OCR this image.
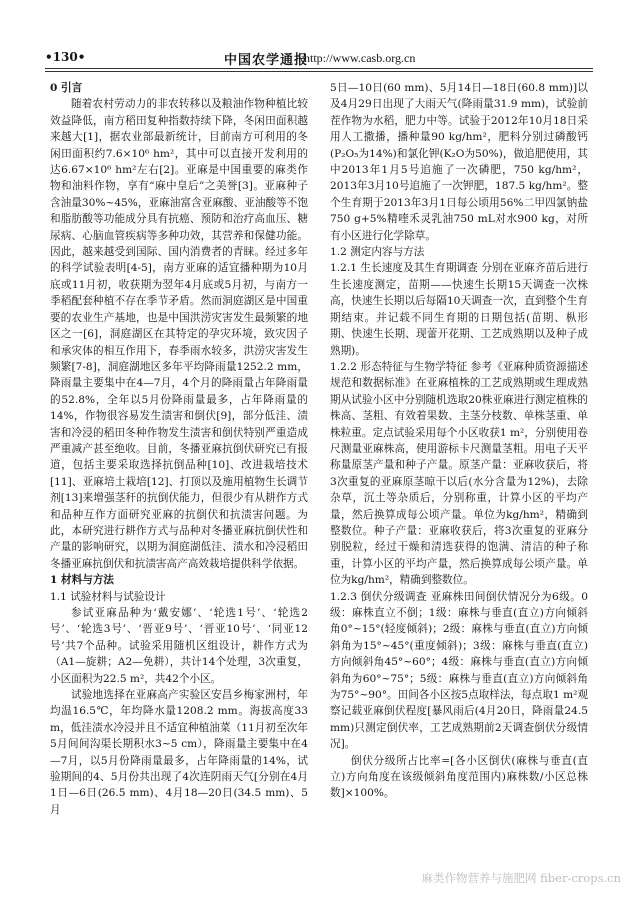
•130•	中国农学通报
http://www.casb.org.cn

0 引言

随着农村劳动力的非农转移以及粮油作物种植比较效益降低，南方稻田复种指数持续下降，冬闲田面积越来越大[1]，据农业部最新统计，目前南方可利用的冬闲田面积约7.6×10⁶ hm²，其中可以直接开发利用的达6.67×10⁶ hm²左右[2]。亚麻是中国重要的麻类作物和油料作物，享有“麻中皇后”之美誉[3]。亚麻种子含油量30%~45%，亚麻油富含亚麻酸、亚油酸等不饱和脂肪酸等功能成分具有抗癌、预防和治疗高血压、糖尿病、心脑血管疾病等多种功效，其营养和保健功能。因此，越来越受到国际、国内消费者的青睐。经过多年的科学试验表明[4-5]，南方亚麻的适宜播种期为10月底或11月初，收获期为翌年4月底或5月初，与南方一季稻配套种植不存在季节矛盾。然而洞庭湖区是中国重要的农业生产基地，也是中国洪涝灾害发生最频繁的地区之一[6]，洞庭湖区在其特定的孕灾环境，致灾因子和承灾体的相互作用下，春季雨水较多，洪涝灾害发生频繁[7-8]，洞庭湖地区多年平均降雨量1252.2 mm，降雨量主要集中在4—7月，4个月的降雨量占年降雨量的52.8%，全年以5月份降雨量最多，占年降雨量的14%，作物很容易发生渍害和倒伏[9]，部分低洼、渍害和冷浸的稻田冬种作物发生渍害和倒伏特别严重造成严重减产甚至绝收。目前，冬播亚麻抗倒伏研究已有报道，包括主要采取选择抗倒品种[10]、改进栽培技术[11]、亚麻培土栽培[12]、打顶以及施用植物生长调节剂[13]来增强茎秆的抗倒伏能力，但很少有从耕作方式和品种互作方面研究亚麻的抗倒伏和抗渍害问题。为此，本研究进行耕作方式与品种对冬播亚麻抗倒伏性和产量的影响研究，以期为洞庭湖低洼、渍水和冷浸稻田冬播亚麻抗倒伏和抗渍害高产高效栽培提供科学依据。

1 材料与方法

1.1 试验材料与试验设计

参试亚麻品种为‘戴安娜’、‘轮选1号’、‘轮选2号’、‘轮选3号’、‘晋亚9号’、‘晋亚10号’、‘同亚12号’共7个品种。试验采用随机区组设计，耕作方式为（A1—旋耕；A2—免耕），共计14个处理，3次重复，小区面积为22.5 m²，共42个小区。

试验地选择在亚麻高产实验区安昌乡梅家洲村，年均温16.5℃，年均降水量1208.2 mm。海拔高度33 m，低洼渍水冷浸并且不适宜种植油菜（11月初至次年5月间间沟渠长期积水3~5 cm），降雨量主要集中在4—7月，以5月份降雨量最多，占年降雨量的14%，试验期间的4、5月份共出现了4次连阴雨天气[分别在4月1日—6日(26.5 mm)、4月18—20日(34.5 mm)、5月

5日—10日(60 mm)、5月14日—18日(60.8 mm)]以及4月29日出现了大雨天气(降雨量31.9 mm)，试验前茬作物为水稻，肥力中等。试验于2012年10月18日采用人工撒播，播种量90 kg/hm²，肥料分别过磷酸钙(P₂O₅为14%)和氯化钾(K₂O为50%)，做追肥使用，其中2013年1月5号追施了一次磷肥，750 kg/hm²，2013年3月10号追施了一次钾肥，187.5 kg/hm²。整个生育期于2013年3月1日每公顷用56%二甲四氯钠盐750 g+5%精喹禾灵乳油750 mL对水900 kg，对所有小区进行化学除草。

1.2 测定内容与方法

1.2.1 生长速度及其生育期调查 分别在亚麻齐苗后进行生长速度测定，苗期——快速生长期15天调查一次株高，快速生长期以后每隔10天调查一次，直到整个生育期结束。并记载不同生育期的日期包括(苗期、枞形期、快速生长期、现蕾开花期、工艺成熟期以及种子成熟期)。

1.2.2 形态特征与生物学特征 参考《亚麻种质资源描述规范和数据标准》在亚麻植株的工艺成熟期或生理成熟期从试验小区中分别随机选取20株亚麻进行测定植株的株高、茎粗、有效着果数、主茎分枝数、单株茎重、单株粒重。定点试验采用每个小区收获1 m²，分别使用卷尺测量亚麻株高，使用游标卡尺测量茎粗。用电子天平称量原茎产量和种子产量。原茎产量：亚麻收获后，将3次重复的亚麻原茎晾干以后(水分含量为12%)，去除杂草，沉土等杂质后，分别称重，计算小区的平均产量，然后换算成每公顷产量。单位为kg/hm²，精确到整数位。种子产量：亚麻收获后，将3次重复的亚麻分别脱粒，经过干燥和清选获得的饱满、清洁的种子称重，计算小区的平均产量，然后换算成每公顷产量。单位为kg/hm²，精确到整数位。

1.2.3 倒伏分级调查 亚麻株田间倒伏情况分为6级。0级：麻株直立不倒；1级：麻株与垂直(直立)方向倾斜角0°~15°(轻度倾斜)；2级：麻株与垂直(直立)方向倾斜角为15°~45°(重度倾斜)；3级：麻株与垂直(直立)方向倾斜角45°~60°；4级：麻株与垂直(直立)方向倾斜角为60°~75°；5级：麻株与垂直(直立)方向倾斜角为75°~90°。田间各小区按5点取样法，每点取1 m²观察记载亚麻倒伏程度[暴风雨后(4月20日，降雨量24.5 mm)只测定倒伏率，工艺成熟期前2天调查倒伏分级情况]。

倒伏分级所占比率=[各小区倒伏(麻株与垂直(直立)方向角度在该级倾斜角度范围内)麻株数/小区总株数]×100%。

麻类作物营养与施肥网 fiber-crops.cn
